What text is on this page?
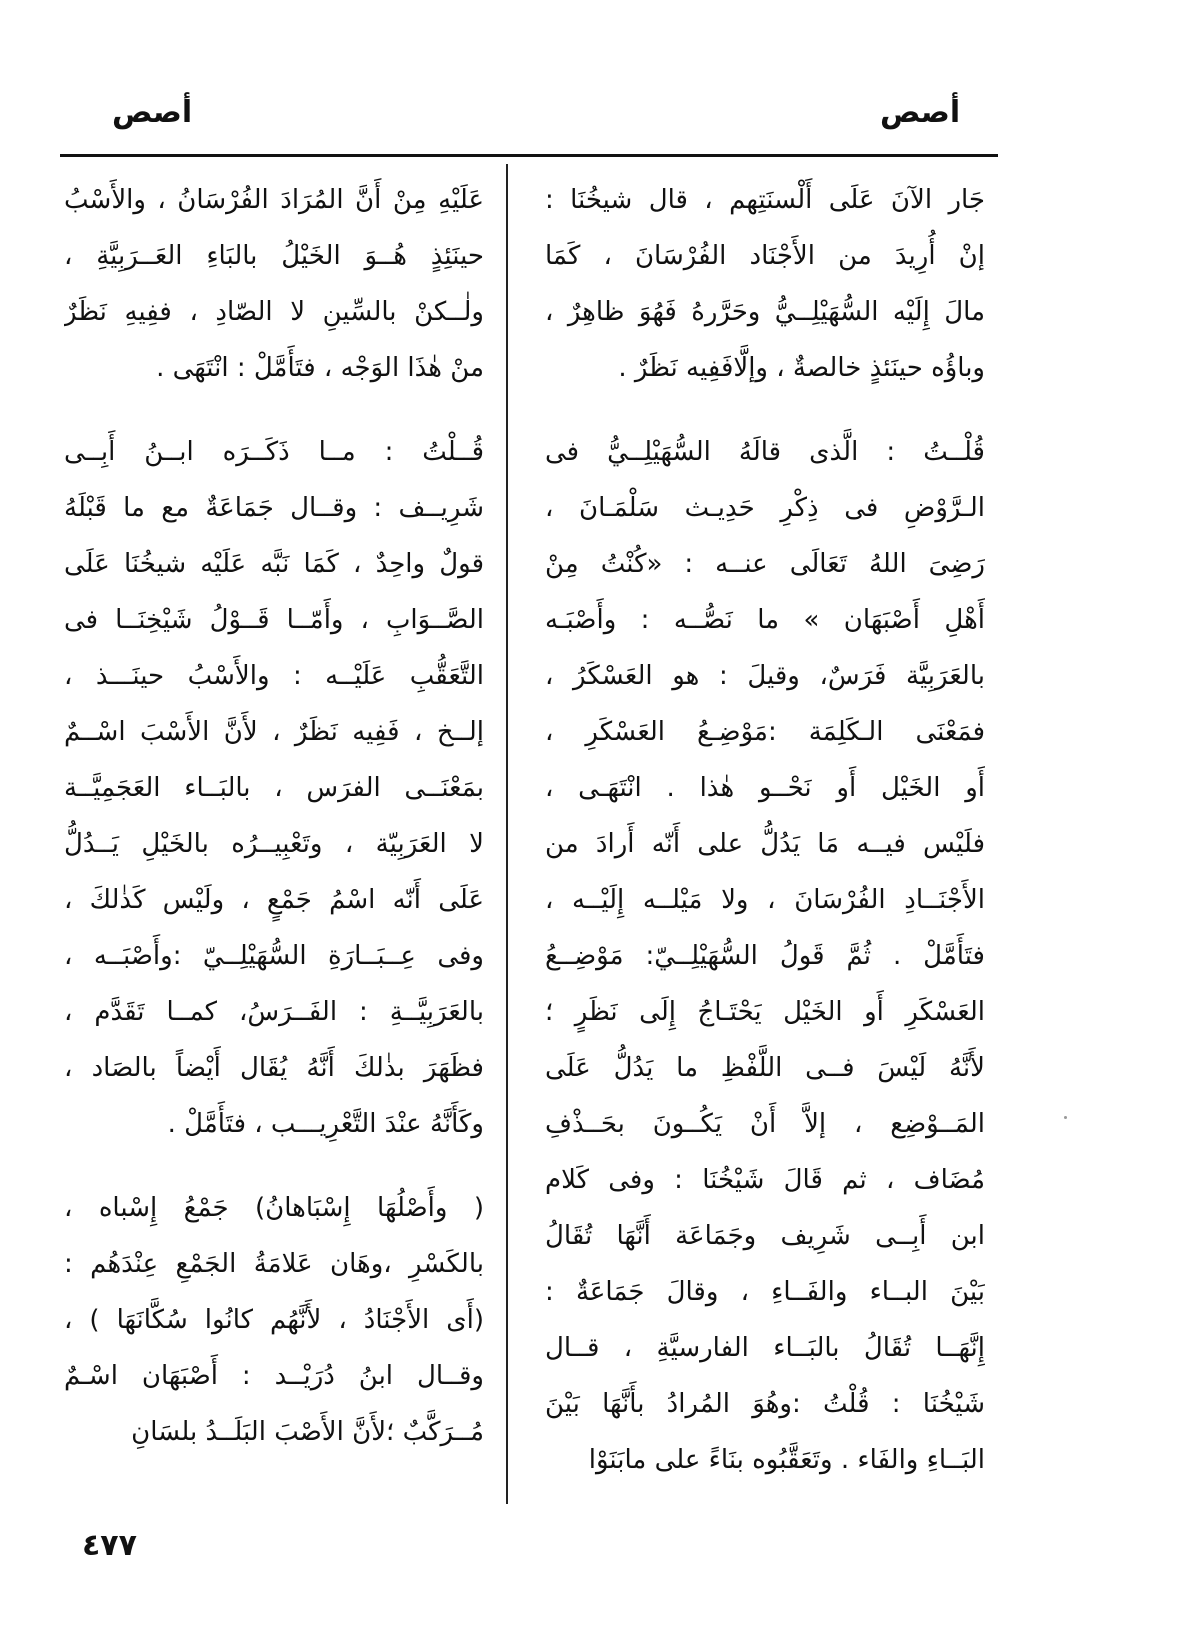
أصص
أصص
جَار الآنَ عَلَى أَلْسنَتِهم ، قال شيخُنَا :
إنْ أُرِيدَ من الأَجْنَاد الفُرْسَانَ ، كَمَا
مالَ إِلَيْه السُّهَيْلِــيُّ وحَرَّرهُ فَهُوَ ظاهِرٌ ،
وباؤُه حينَئذٍ خالصةٌ ، وإلَّافَفِيه نَظَرٌ .
قُلْــتُ : الَّذى قالَهُ السُّهَيْلِــيُّ فى
الـرَّوْضِ فى ذِكْرِ حَدِيـث سَلْمَـانَ ،
رَضِىَ اللهُ تَعَالَى عنــه : «كُنْتُ مِنْ
أَهْلِ أَصْبَهَان » ما نَصُّــه : وأَصْبَـه
بالعَرَبِيَّة فَرَسٌ، وقيلَ : هو العَسْكَرُ ،
فمَعْنَى الـكَلِمَة :مَوْضِـعُ العَسْكَرِ ،
أَو الخَيْل أَو نَحْــو هٰذا . انْتَهَـى ،
فلَيْس فيــه مَا يَدُلُّ على أَنّه أَرادَ من
الأَجْنَــادِ الفُرْسَانَ ، ولا مَيْلــه إِلَيْــه ،
فتَأَمَّلْ . ثُمَّ قَولُ السُّهَيْلِــيّ: مَوْضِــعُ
العَسْكَرِ أَو الخَيْل يَحْتَـاجُ إِلَى نَظَرٍ ؛
لأَنَّهُ لَيْسَ فــى اللَّفْظِ ما يَدُلُّ عَلَى
المَــوْضِع ، إلاَّ أَنْ يَكُــونَ بحَــذْفِ
مُضَاف ، ثم قَالَ شَيْخُنَا : وفى كَلام
ابن أَبِــى شَرِيف وجَمَاعَة أَنَّهَا تُقَالُ
بَيْنَ البــاء والفَــاءِ ، وقالَ جَمَاعَةٌ :
إِنَّهَــا تُقَالُ بالبَــاء الفارسيَّةِ ، قــال
شَيْخُنَا : قُلْتُ :وهُوَ المُرادُ بأَنَّهَا بَيْنَ
البَــاءِ والفَاء . وتَعَقَّبُوه بنَاءً على مابَنَوْا
عَلَيْهِ مِنْ أَنَّ المُرَادَ الفُرْسَانُ ، والأَسْبُ
حينَئِذٍ هُــوَ الخَيْلُ بالبَاءِ العَــرَبِيَّةِ ،
ولٰــكنْ بالسِّينِ لا الصّادِ ، ففِيهِ نَظَرٌ
منْ هٰذَا الوَجْه ، فتَأَمَّلْ : انْتَهَى .
قُــلْتُ : مــا ذَكَــرَه ابــنُ أَبِــى
شَرِيــف : وقــال جَمَاعَةٌ مع ما قَبْلَهُ
قولٌ واحِدٌ ، كَمَا نَبَّه عَلَيْه شيخُنَا عَلَى
الصَّــوَابِ ، وأَمّــا قَــوْلُ شَيْخِنَــا فى
التَّعَقُّبِ عَلَيْــه : والأَسْبُ حينَـــذ ،
إلــخ ، فَفِيه نَظَرٌ ، لأَنَّ الأَسْبَ اسْــمٌ
بمَعْنَــى الفرَس ، بالبَــاء العَجَمِيَّــة
لا العَرَبِيّة ، وتَعْبِيــرُه بالخَيْلِ يَــدُلُّ
عَلَى أَنّه اسْمُ جَمْعٍ ، ولَيْس كَذٰلكَ ،
وفى عِــبَــارَةِ السُّهَيْلِــيّ :وأَصْبَــه ،
بالعَرَبِيَّــةِ : الفَــرَسُ، كمــا تَقَدَّم ،
فظَهَرَ بذٰلكَ أَنَّهُ يُقَال أَيْضاً بالصَاد ،
وكَأَنَّهُ عنْدَ التَّعْرِيـــب ، فتَأَمَّلْ .
( وأَصْلُهَا إِسْبَاهانُ) جَمْعُ إِسْباه ،
بالكَسْرِ ،وهَان عَلامَةُ الجَمْعِ عِنْدَهُم :
(أَى الأَجْنَادُ ، لأَنَّهُم كانُوا سُكَّانَهَا ) ،
وقــال ابنُ دُرَيْــد : أَصْبَهَان اسْـمٌ
مُــرَكَّبٌ ؛لأَنَّ الأَصْبَ البَلَــدُ بلسَانِ
٤٧٧
